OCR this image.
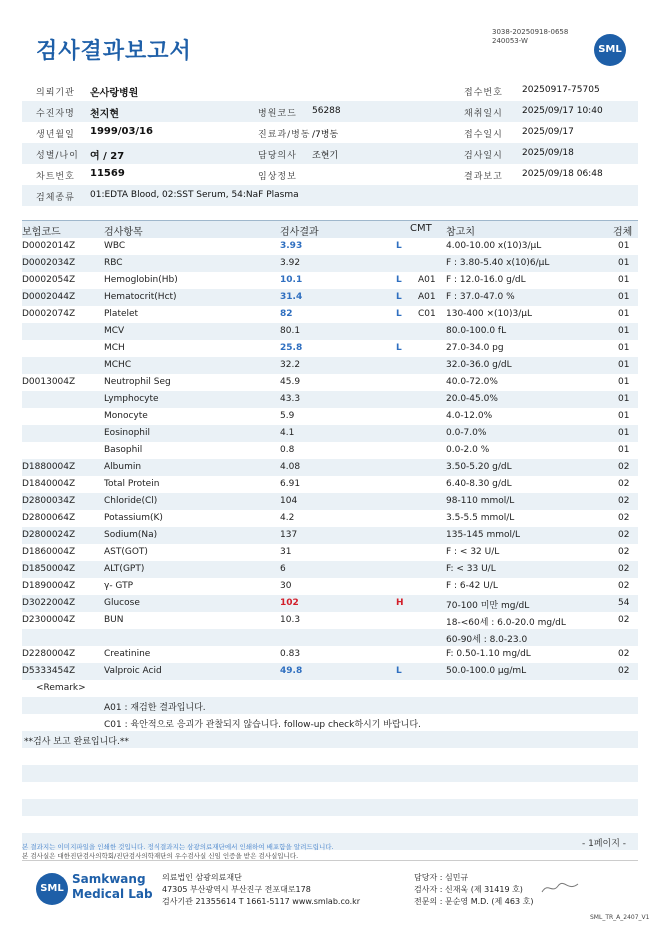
검사결과보고서
3038-20250918-0658
240053-W
SML
의뢰기관 온사랑병원	접수번호 20250917-75705
수진자명 천지현	병원코드 56288	채취일시 2025/09/17 10:40
생년월일 1999/03/16	진료과/병동 /7병동	접수일시 2025/09/17
성별/나이 여 / 27	담당의사 조현기	검사일시 2025/09/18
차트번호 11569	임상정보	결과보고 2025/09/18 06:48
검체종류 01:EDTA Blood, 02:SST Serum, 54:NaF Plasma
보험코드	검사항목	검사결과	CMT 참고치	검체
D0002014Z	WBC	3.93	L	4.00-10.00 x(10)3/μL	01
D0002034Z	RBC	3.92	F : 3.80-5.40 x(10)6/μL	01
D0002054Z	Hemoglobin(Hb)	10.1	L A01 F : 12.0-16.0 g/dL	01
D0002044Z	Hematocrit(Hct)	31.4	L A01 F : 37.0-47.0 %	01
D0002074Z	Platelet	82	L C01 130-400 ×(10)3/μL	01
MCV	80.1	80.0-100.0 fL	01
MCH	25.8	L	27.0-34.0 pg	01
MCHC	32.2	32.0-36.0 g/dL	01
D0013004Z	Neutrophil Seg	45.9	40.0-72.0%	01
Lymphocyte	43.3	20.0-45.0%	01
Monocyte	5.9	4.0-12.0%	01
Eosinophil	4.1	0.0-7.0%	01
Basophil	0.8	0.0-2.0 %	01
D1880004Z	Albumin	4.08	3.50-5.20 g/dL	02
D1840004Z	Total Protein	6.91	6.40-8.30 g/dL	02
D2800034Z	Chloride(Cl)	104	98-110 mmol/L	02
D2800064Z	Potassium(K)	4.2	3.5-5.5 mmol/L	02
D2800024Z	Sodium(Na)	137	135-145 mmol/L	02
D1860004Z	AST(GOT)	31	F : < 32 U/L	02
D1850004Z	ALT(GPT)	6	F: < 33 U/L	02
D1890004Z	γ- GTP	30	F : 6-42 U/L	02
D3022004Z	Glucose	102	H	70-100 미만 mg/dL	54
D2300004Z	BUN	10.3	18-<60세 : 6.0-20.0 mg/dL	02
60-90세 : 8.0-23.0
D2280004Z	Creatinine	0.83	F: 0.50-1.10 mg/dL	02
D5333454Z	Valproic Acid	49.8	L	50.0-100.0 μg/mL	02
<Remark>
A01 : 재검한 결과입니다.
C01 : 육안적으로 응괴가 관찰되지 않습니다. follow-up check하시기 바랍니다.
**검사 보고 완료입니다.**
- 1페이지 -
본 결과지는 이미지파일을 인쇄한 것입니다. 정식결과지는 삼광의료재단에서 인쇄하여 배포함을 알려드립니다.
본 검사실은 대한진단검사의학회/진단검사의학재단의 우수검사실 신임 인증을 받은 검사실입니다.
SML
Samkwang
Medical Lab
의료법인 삼광의료재단
47305 부산광역시 부산진구 전포대로178
검사기관 21355614 T 1661-5117 www.smlab.co.kr
담당자 : 심민규
검사자 : 신재욱 (제 31419 호)
전문의 : 문순영 M.D. (제 463 호)
SML_TR_A_2407_V1
